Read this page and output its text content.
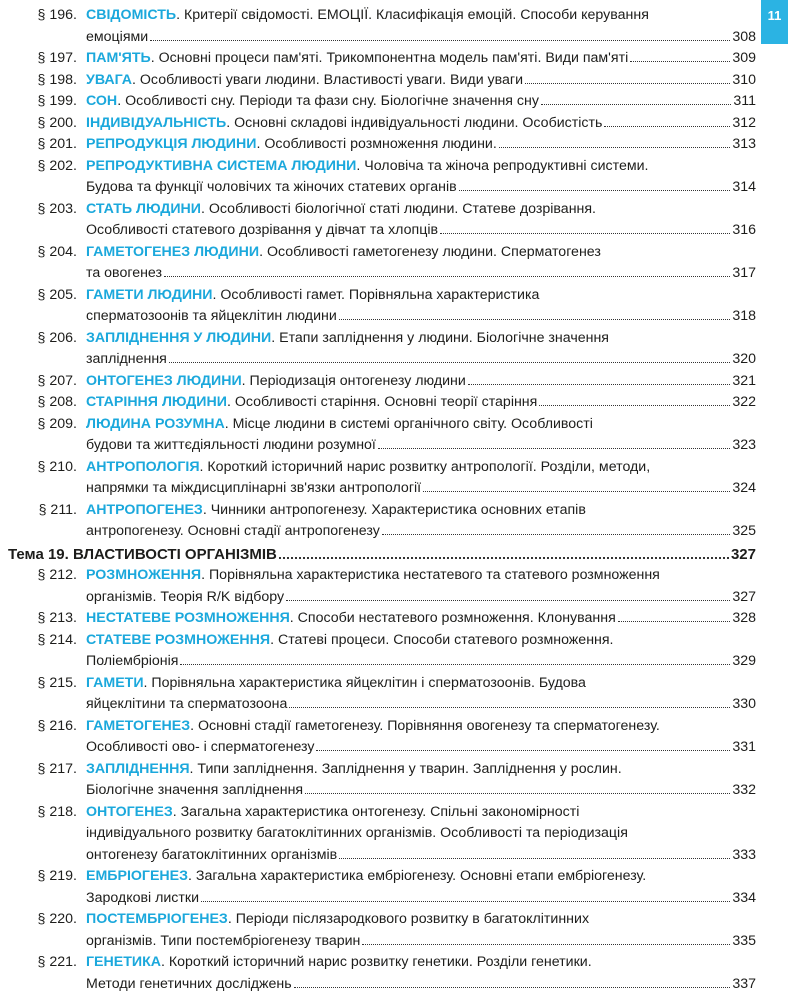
11
§ 196. СВІДОМІСТЬ. Критерії свідомості. ЕМОЦІЇ. Класифікація емоцій. Способи керування
емоціями	308
§ 197. ПАМ'ЯТЬ. Основні процеси пам'яті. Трикомпонентна модель пам'яті. Види пам'яті	309
§ 198. УВАГА. Особливості уваги людини. Властивості уваги. Види уваги	310
§ 199. СОН. Особливості сну. Періоди та фази сну. Біологічне значення сну	311
§ 200. ІНДИВІДУАЛЬНІСТЬ. Основні складові індивідуальності людини. Особистість	312
§ 201. РЕПРОДУКЦІЯ ЛЮДИНИ. Особливості розмноження людини.	313
§ 202. РЕПРОДУКТИВНА СИСТЕМА ЛЮДИНИ. Чоловіча та жіноча репродуктивні системи.
Будова та функції чоловічих та жіночих статевих органів	314
§ 203. СТАТЬ ЛЮДИНИ. Особливості біологічної статі людини. Статеве дозрівання.
Особливості статевого дозрівання у дівчат та хлопців	316
§ 204. ГАМЕТОГЕНЕЗ ЛЮДИНИ. Особливості гаметогенезу людини. Сперматогенез
та овогенез	317
§ 205. ГАМЕТИ ЛЮДИНИ. Особливості гамет. Порівняльна характеристика
сперматозоонів та яйцеклітин людини	318
§ 206. ЗАПЛІДНЕННЯ У ЛЮДИНИ. Етапи запліднення у людини. Біологічне значення
запліднення	320
§ 207. ОНТОГЕНЕЗ ЛЮДИНИ. Періодизація онтогенезу людини	321
§ 208. СТАРІННЯ ЛЮДИНИ. Особливості старіння. Основні теорії старіння	322
§ 209. ЛЮДИНА РОЗУМНА. Місце людини в системі органічного світу. Особливості
будови та життєдіяльності людини розумної	323
§ 210. АНТРОПОЛОГІЯ. Короткий історичний нарис розвитку антропології. Розділи, методи,
напрямки та міждисциплінарні зв'язки антропології	324
§ 211. АНТРОПОГЕНЕЗ. Чинники антропогенезу. Характеристика основних етапів
антропогенезу. Основні стадії антропогенезу	325
Тема 19. ВЛАСТИВОСТІ ОРГАНІЗМІВ	327
§ 212. РОЗМНОЖЕННЯ. Порівняльна характеристика нестатевого та статевого розмноження
організмів. Теорія R/K відбору	327
§ 213. НЕСТАТЕВЕ РОЗМНОЖЕННЯ. Способи нестатевого розмноження. Клонування	328
§ 214. СТАТЕВЕ РОЗМНОЖЕННЯ. Статеві процеси. Способи статевого розмноження.
Поліембріонія	329
§ 215. ГАМЕТИ. Порівняльна характеристика яйцеклітин і сперматозоонів. Будова
яйцеклітини та сперматозоона	330
§ 216. ГАМЕТОГЕНЕЗ. Основні стадії гаметогенезу. Порівняння овогенезу та сперматогенезу.
Особливості ово- і сперматогенезу	331
§ 217. ЗАПЛІДНЕННЯ. Типи запліднення. Запліднення у тварин. Запліднення у рослин.
Біологічне значення запліднення	332
§ 218. ОНТОГЕНЕЗ. Загальна характеристика онтогенезу. Спільні закономірності
індивідуального розвитку багатоклітинних організмів. Особливості та періодизація
онтогенезу багатоклітинних організмів	333
§ 219. ЕМБРІОГЕНЕЗ. Загальна характеристика ембріогенезу. Основні етапи ембріогенезу.
Зародкові листки	334
§ 220. ПОСТЕМБРІОГЕНЕЗ. Періоди післязародкового розвитку в багатоклітинних
організмів. Типи постембріогенезу тварин	335
§ 221. ГЕНЕТИКА. Короткий історичний нарис розвитку генетики. Розділи генетики.
Методи генетичних досліджень	337
